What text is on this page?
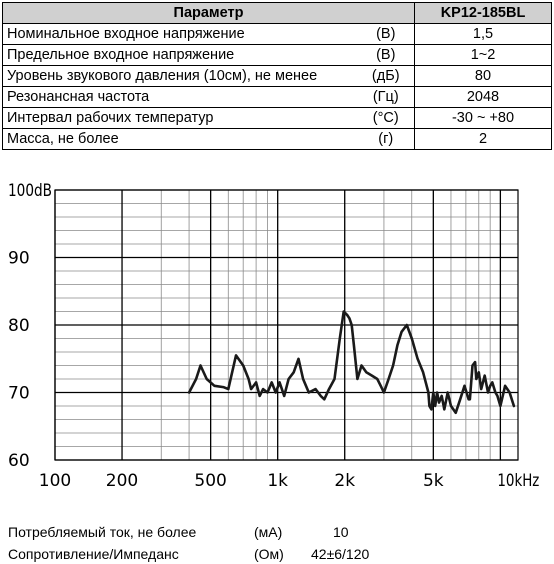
Параметр		KP12-185BL
Номинальное входное напряжение	(В)	1,5
Предельное входное напряжение	(В)	1~2
Уровень звукового давления (10см), не менее	(дБ)	80
Резонансная частота	(Гц)	2048
Интервал рабочих температур	(°C)	-30 ~ +80
Масса, не более	(г)	2
100dB
90
80
70
60
100 200	500 1k	2k	5k	10kHz
Потребляемый ток, не более	(мА)	10
Сопротивление/Импеданс	(Ом) 42±6/120
